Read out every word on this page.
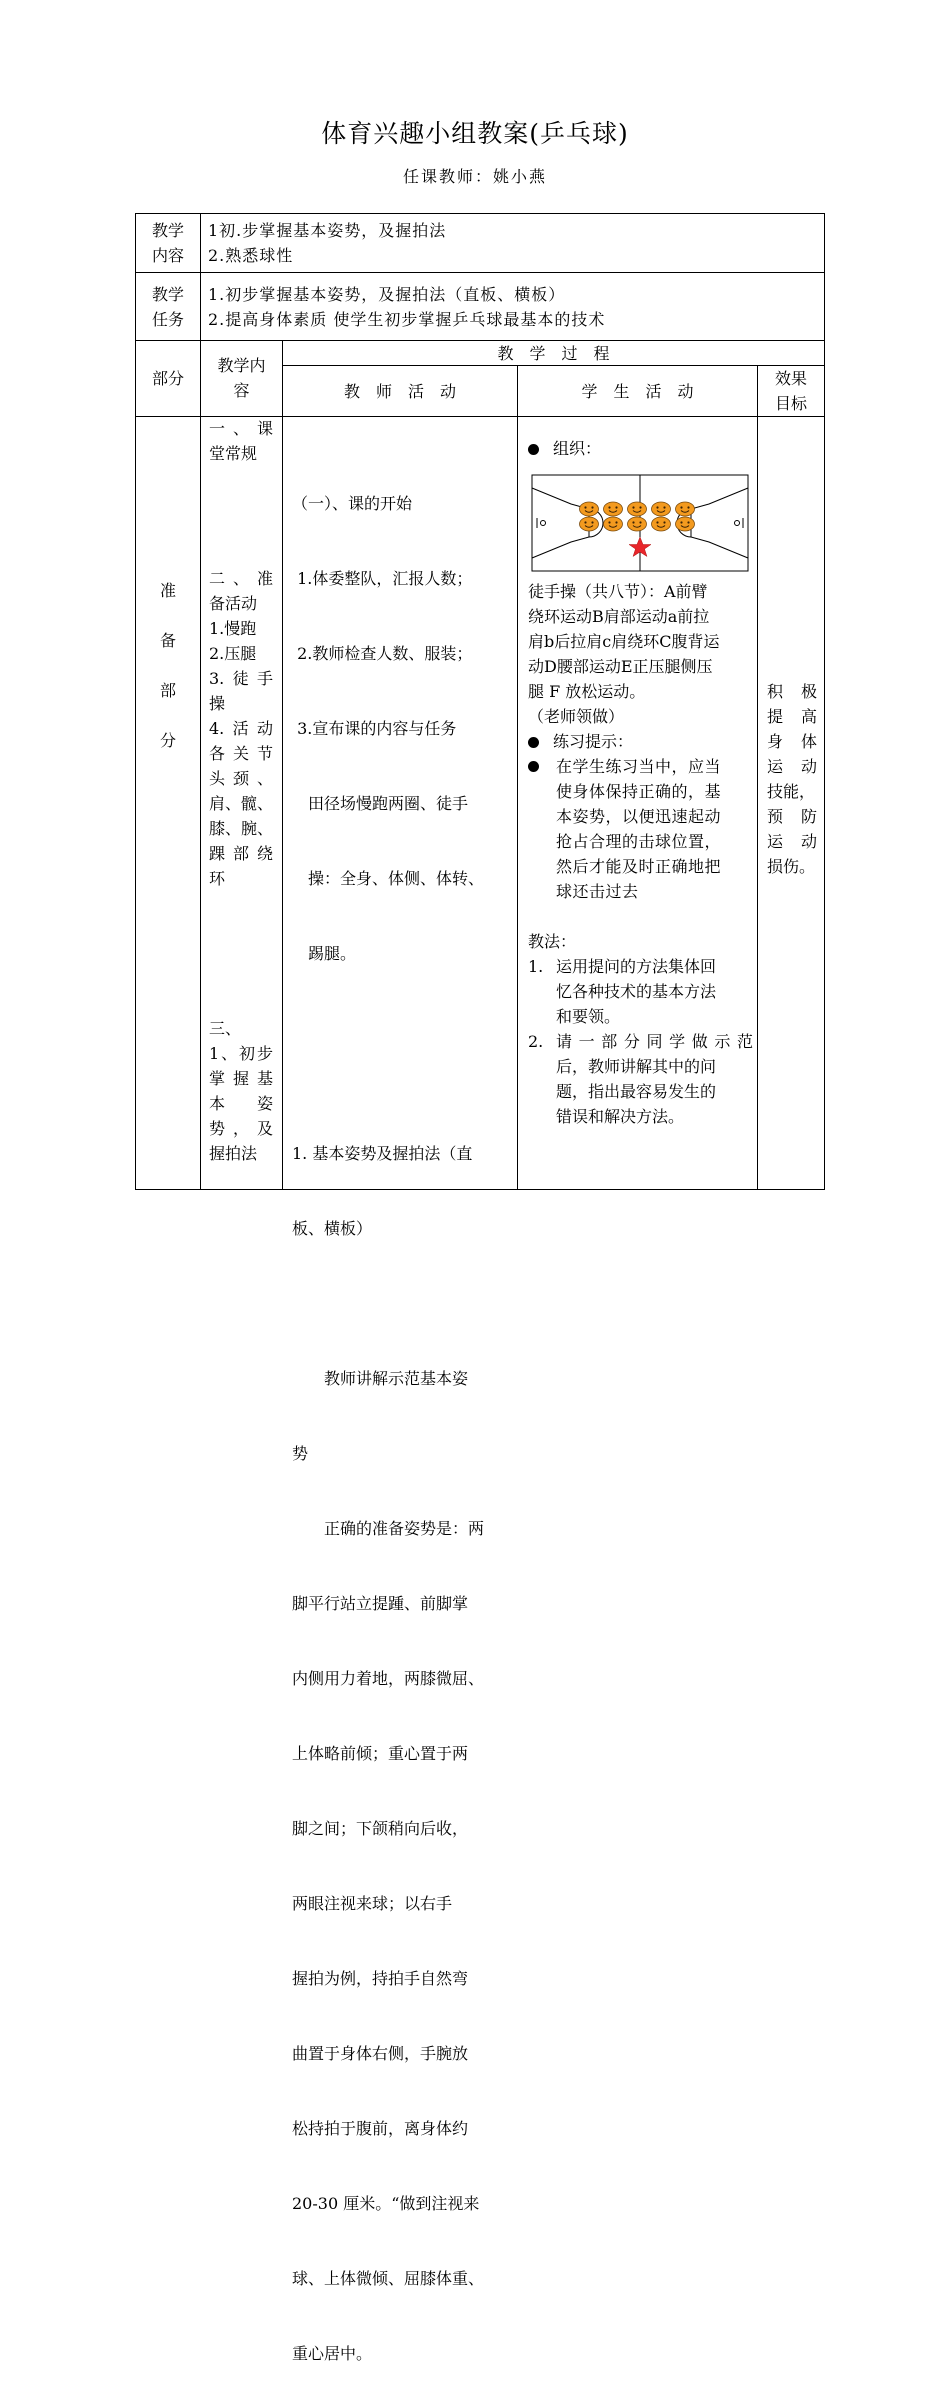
体育兴趣小组教案(乒乓球)
任课教师：姚小燕

教学

内容

1初.步掌握基本姿势，及握拍法

2.熟悉球性

教学

任务

1.初步掌握基本姿势，及握拍法（直板、横板）

2.提高身体素质 使学生初步掌握乒乓球最基本的技术

部分

教学内

容

教　学　过　程
教　师　活　动	学　生　活　动

效果

目标

准

备

部

分

一、课

堂常规

二、准

备活动

1.慢跑

2.压腿

3.徒手

操

4.活动

各关节

头颈、

肩、髋、

膝、腕、

踝部绕

环

三、

1、初步

掌握基

本　姿

势，及

握拍法

（一）、课的开始

1.体委整队，汇报人数；

2.教师检查人数、服装；

3.宣布课的内容与任务

　田径场慢跑两圈、徒手

　操：全身、体侧、体转、

　踢腿。

1. 基本姿势及握拍法（直

板、横板）

　　教师讲解示范基本姿

势

　　正确的准备姿势是：两

脚平行站立提踵、前脚掌

内侧用力着地，两膝微屈、

上体略前倾；重心置于两

脚之间；下颌稍向后收，

两眼注视来球；以右手

握拍为例，持拍手自然弯

曲置于身体右侧，手腕放

松持拍于腹前，离身体约

20-30 厘米。“做到注视来

球、上体微倾、屈膝体重、

重心居中。

组织：

徒手操（共八节）：A前臂

绕环运动B肩部运动a前拉

肩b后拉肩c肩绕环C腹背运

动D腰部运动E正压腿侧压

腿 F 放松运动。

（老师领做）

练习提示：

在学生练习当中，应当

使身体保持正确的，基

本姿势，以便迅速起动

抢占合理的击球位置，

然后才能及时正确地把

球还击过去

教法：

1. 运用提问的方法集体回

忆各种技术的基本方法

和要领。

2. 请一部分同学做示范

后，教师讲解其中的问

题，指出最容易发生的

错误和解决方法。

积　极

提　高

身　体

运　动

技能，

预　防

运　动

损伤。
